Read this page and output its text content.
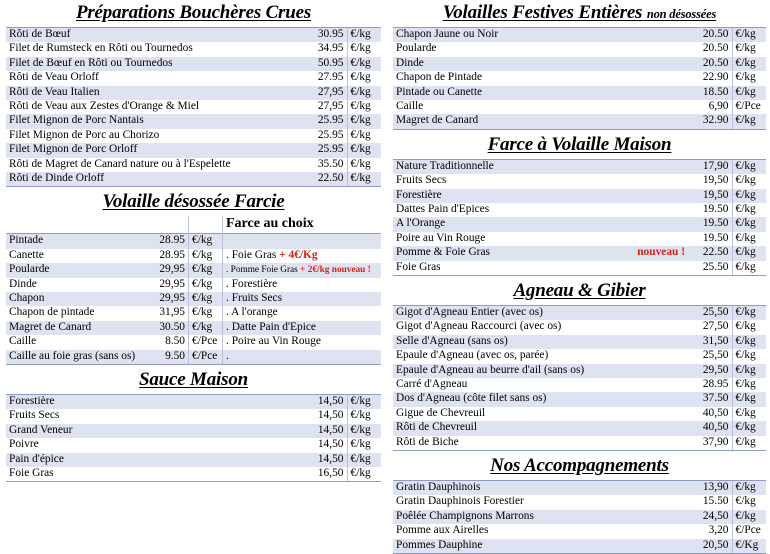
Préparations Bouchères Crues
Rôti de Bœuf	30.95	€/kg
Filet de Rumsteck en Rôti ou Tournedos	34.95	€/kg
Filet de Bœuf en Rôti ou Tournedos	50.95	€/kg
Rôti de Veau Orloff	27.95	€/kg
Rôti de Veau Italien	27,95	€/kg
Rôti de Veau aux Zestes d'Orange & Miel	27,95	€/kg
Filet Mignon de Porc Nantais	25.95	€/kg
Filet Mignon de Porc au Chorizo	25.95	€/kg
Filet Mignon de Porc Orloff	25.95	€/kg
Rôti de Magret de Canard nature ou à l'Espelette	35.50	€/kg
Rôti de Dinde Orloff	22.50	€/kg
Volaille désossée Farcie
			Farce au choix
Pintade	28.95	€/kg	
Canette	28.95	€/kg	. Foie Gras + 4€/Kg
Poularde	29,95	€/kg	. Pomme Foie Gras + 2€/kg nouveau !
Dinde	29,95	€/kg	. Forestière
Chapon	29,95	€/kg	. Fruits Secs
Chapon de pintade	31,95	€/kg	. A l'orange
Magret de Canard	30.50	€/kg	. Datte Pain d'Epice
Caille	8.50	€/Pce	. Poire au Vin Rouge
Caille au foie gras (sans os)	9.50	€/Pce	.
Sauce Maison
Forestière	14,50	€/kg
Fruits Secs	14,50	€/kg
Grand Veneur	14,50	€/kg
Poivre	14,50	€/kg
Pain d'épice	14,50	€/kg
Foie Gras	16,50	€/kg
Volailles Festives Entières non désossées
Chapon Jaune ou Noir	20.50	€/kg
Poularde	20.50	€/kg
Dinde	20.50	€/kg
Chapon de Pintade	22.90	€/kg
Pintade ou Canette	18.50	€/kg
Caille	6,90	€/Pce
Magret de Canard	32.90	€/kg
Farce à Volaille Maison
Nature Traditionnelle	17,90	€/kg
Fruits Secs	19,50	€/kg
Forestière	19,50	€/kg
Dattes Pain d'Epices	19.50	€/kg
A l'Orange	19.50	€/kg
Poire au Vin Rouge	19.50	€/kg
Pomme & Foie Gras nouveau !	22.50	€/kg
Foie Gras	25.50	€/kg
Agneau & Gibier
Gigot d'Agneau Entier (avec os)	25,50	€/kg
Gigot d'Agneau Raccourci (avec os)	27,50	€/kg
Selle d'Agneau (sans os)	31,50	€/kg
Epaule d'Agneau (avec os, parée)	25,50	€/kg
Epaule d'Agneau au beurre d'ail (sans os)	29,50	€/kg
Carré d'Agneau	28.95	€/kg
Dos d'Agneau (côte filet sans os)	37.50	€/kg
Gigue de Chevreuil	40,50	€/kg
Rôti de Chevreuil	40,50	€/kg
Rôti de Biche	37,90	€/kg
Nos Accompagnements
Gratin Dauphinois	13,90	€/kg
Gratin Dauphinois Forestier	15.50	€/kg
Poêlée Champignons Marrons	24,50	€/kg
Pomme aux Airelles	3,20	€/Pce
Pommes Dauphine	20,50	€/Kg
